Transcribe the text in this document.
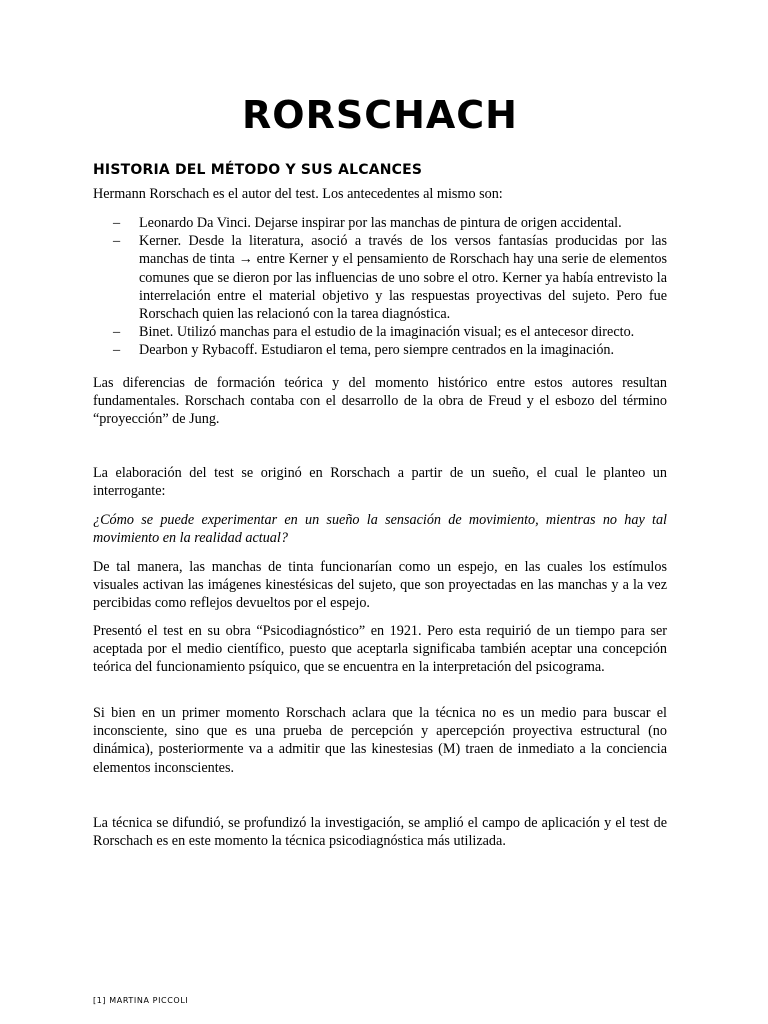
RORSCHACH
HISTORIA DEL MÉTODO Y SUS ALCANCES

Hermann Rorschach es el autor del test. Los antecedentes al mismo son:

– Leonardo Da Vinci. Dejarse inspirar por las manchas de pintura de origen accidental.
– Kerner. Desde la literatura, asoció a través de los versos fantasías producidas por las manchas de tinta → entre Kerner y el pensamiento de Rorschach hay una serie de elementos comunes que se dieron por las influencias de uno sobre el otro. Kerner ya había entrevisto la interrelación entre el material objetivo y las respuestas proyectivas del sujeto. Pero fue Rorschach quien las relacionó con la tarea diagnóstica.
– Binet. Utilizó manchas para el estudio de la imaginación visual; es el antecesor directo.
– Dearbon y Rybacoff. Estudiaron el tema, pero siempre centrados en la imaginación.

Las diferencias de formación teórica y del momento histórico entre estos autores resultan fundamentales. Rorschach contaba con el desarrollo de la obra de Freud y el esbozo del término “proyección” de Jung.

La elaboración del test se originó en Rorschach a partir de un sueño, el cual le planteo un interrogante:

¿Cómo se puede experimentar en un sueño la sensación de movimiento, mientras no hay tal movimiento en la realidad actual?

De tal manera, las manchas de tinta funcionarían como un espejo, en las cuales los estímulos visuales activan las imágenes kinestésicas del sujeto, que son proyectadas en las manchas y a la vez percibidas como reflejos devueltos por el espejo.

Presentó el test en su obra “Psicodiagnóstico” en 1921. Pero esta requirió de un tiempo para ser aceptada por el medio científico, puesto que aceptarla significaba también aceptar una concepción teórica del funcionamiento psíquico, que se encuentra en la interpretación del psicograma.

Si bien en un primer momento Rorschach aclara que la técnica no es un medio para buscar el inconsciente, sino que es una prueba de percepción y apercepción proyectiva estructural (no dinámica), posteriormente va a admitir que las kinestesias (M) traen de inmediato a la conciencia elementos inconscientes.

La técnica se difundió, se profundizó la investigación, se amplió el campo de aplicación y el test de Rorschach es en este momento la técnica psicodiagnóstica más utilizada.

[1] MARTINA PICCOLI
